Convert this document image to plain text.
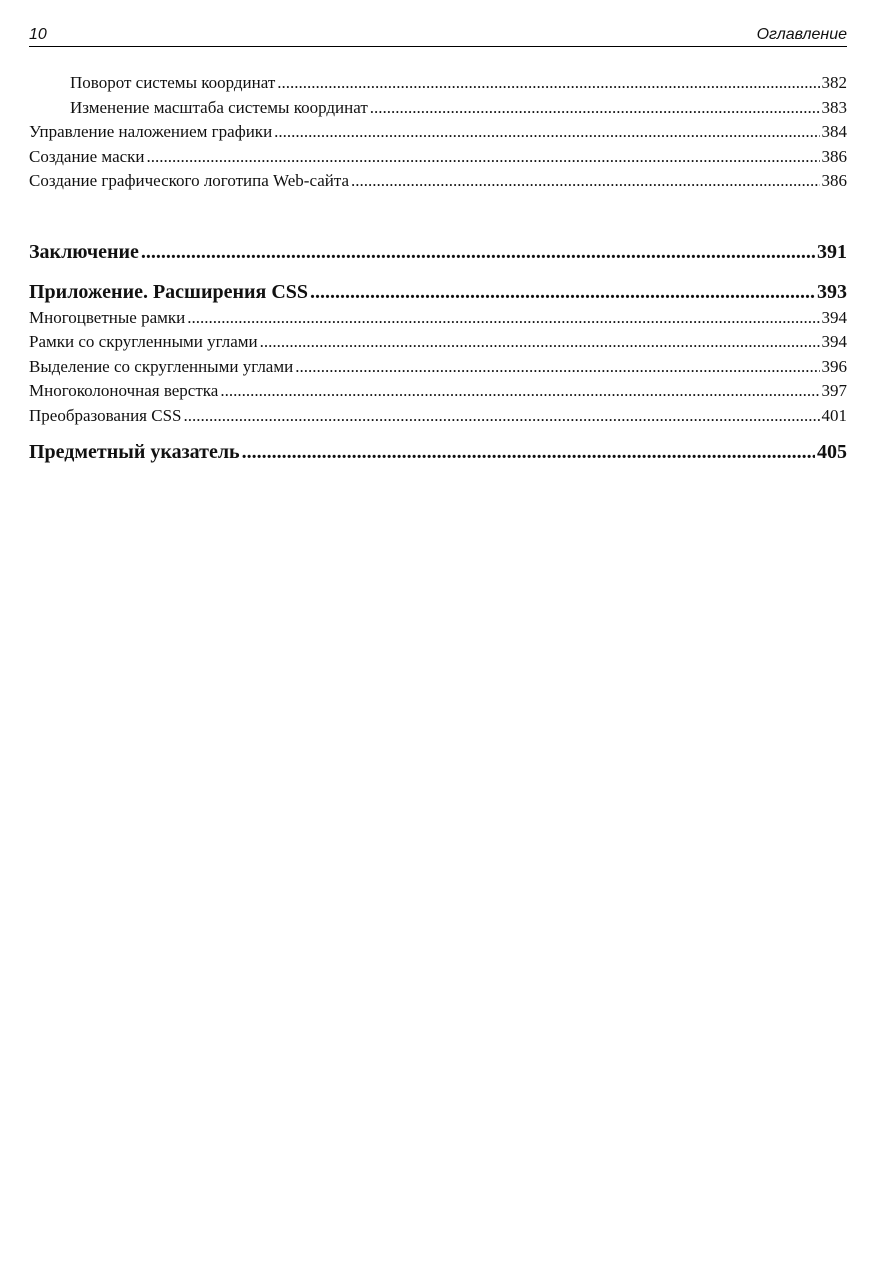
10	Оглавление
Поворот системы координат .....	382
Изменение масштаба системы координат .....	383
Управление наложением графики .....	384
Создание маски .....	386
Создание графического логотипа Web-сайта .....	386
Заключение .....	391
Приложение. Расширения CSS .....	393
Многоцветные рамки .....	394
Рамки со скругленными углами .....	394
Выделение со скругленными углами .....	396
Многоколоночная верстка .....	397
Преобразования CSS .....	401
Предметный указатель .....	405
